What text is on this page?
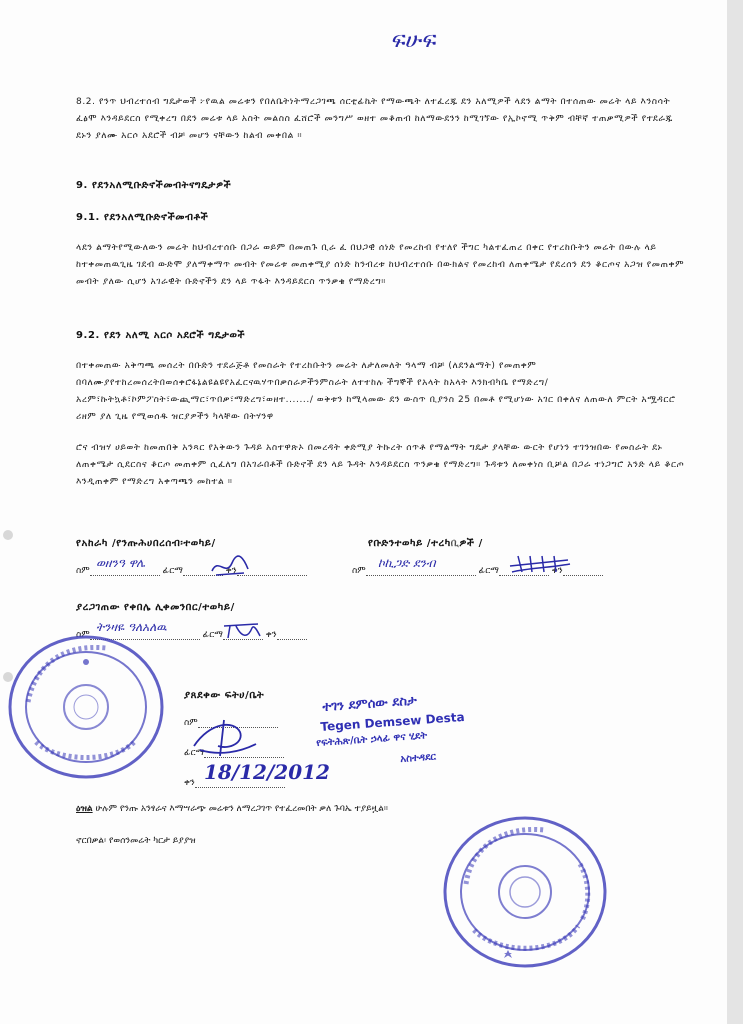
ፍሁፍ
8.2. የንጥ ህብረተሰብ ግዴታወች ፦የዉል መሬቱን የበለቤትነትማረጋገጫ ሰርቲፊኬት የማውጫት ለተፈረጁ ደን አለሚዎች ላደን ልማት በተሰጠው መሬት ላይ እንስሳት ፈፅሞ እንዳይደርስ የሚቀረግ በደን መሬቱ ላይ አስት መልስስ ፈሸሮች መንግሥ ወዘተ መቆጠብ ከለማውደንን ከሚገኘው የኢኮኖሚ ጥቅም ብቸኛ ተጠቃሚዎች የተደራጁ ደኑን ያለሙ አርሶ አደሮች ብቻ መሆን ናቸውን ከልብ መቀበል ።
9. የደንአለሚቡድኖችመብትናግዴታዎች
9.1. የደንአለሚቡድኖችመብቶች
ላደን ልማትየሚውለውን መሬት ከህብረተሰቡ በጋራ ወይም በመጠጉ ቢራ ፈ በህጋዊ ሰነድ የመረከብ የተለየ ችግር ካልተፈጠረ በቀር የተረከቡትን መሬት በውሉ ላይ ከተቀመጠዉጊዜ ገደብ ውድሞ ያለማቀማጥ መብት የመሬቱ መጠቀሚያ ሰነድ ከንብረቱ ከህብረተሰቡ በውክልና የመረከብ ለጠቀሜታ የደረሰን ደን ቆርጦና አጋዝ የመጠቀም መብት ያለው ሲሆን አገራዊት ቡድኖችን ደን ላይ ጥፋት እንዳይደርስ ጥንቃቄ የማድረግ።
9.2. የደን አለሚ አርሶ አደሮች ግዴታወች
በተቀመጠው አቅጣጫ መሰረት በቡድን ተደራጅቶ የመስራት የተረከቡትን መሬት ለታለመለት ዓላማ ብቻ (ለደንልማት) የመጠቀም በባለሙያየተከረመሰረትበወሰቀሮፋኔልዩልዩየአፈርናዉሃጥበቃስራዎችንምስራት ለተተከሉ ችግኞች የአላት ከአላት እንክብካቤ የማድረግ/አረም፣ኩትኳቶ፣ኮምፖስት፣ውጪማር፣ጥበቃ፣ማድረግ፣ወዘተ......./ ወቅቱን ከሚላመው ደን ውስጥ ቢያንስ 25 በመቶ የሚሆነው አገር በቀለና ለጠውለ ምርት አሟዳርሮ ሪዘም ያለ ጊዜ የሚወሰዱ ዝርያዎችን ካላቸው በትሃንዋ
ሮና ብዝሃ ሀይወት ከመጠበቅ አንጻር የአቅውን ጉዳይ አስተዋጽኦ በመረዳት ቀድሚያ ትኩረት ሰጥቶ የማልማት ግዴታ ያላቸው ውርት የሆነን ተገንዝበው የመስራት ደኑ ለጠቀሜታ ሲደርስና ቆርጦ መጠቀም ሲፈለግ በአገራበቶች ቡድኖች ደን ላይ ጉዳት እንዳይደርስ ጥንቃቄ የማድረግ። ጉዳቱን ለመቀነስ ቢቻል በጋራ ተነጋግሮ አንድ ላይ ቆርጦ እንዲጠቀም የማድረግ አቀጣጫን መከተል ።
የአከራካ /የንጡሕሀበረሰብ፡ተወካይ/
ስም	ፊርማ	ቀን
ወዘንዓ ዋሌ
የቡድንተወካይ /ተረካቢዎች /
ስም	ፊርማ	ቀን
ኮኪጋድ ደንብ
ያረጋገጠው የቀበሌ ሊቀመንበር/ተወካይ/
ስም	ፊርማ	ቀን
ትንዛዬ ዓለአለዉ
ያጸደቀው ፍትሀ/ቤት
ስም
ፊርማ
ቀን 18/12/2012
ተገን ደምሰው ደስታ
Tegen Demsew Desta
የፍትሕጽ/ቤት ኃላፊ ዋና ሂደት
አስተዳደር
ዕዝል ሁሉም የንጡ አንፃራና እማሣራጭ መሬቱን ለማረጋገጥ የተፈረመበት ቃለ ጉባኤ ተያይዟል።
ኖርበቃል፡ የወሰንመሬት ካርታ ይያያዝ
